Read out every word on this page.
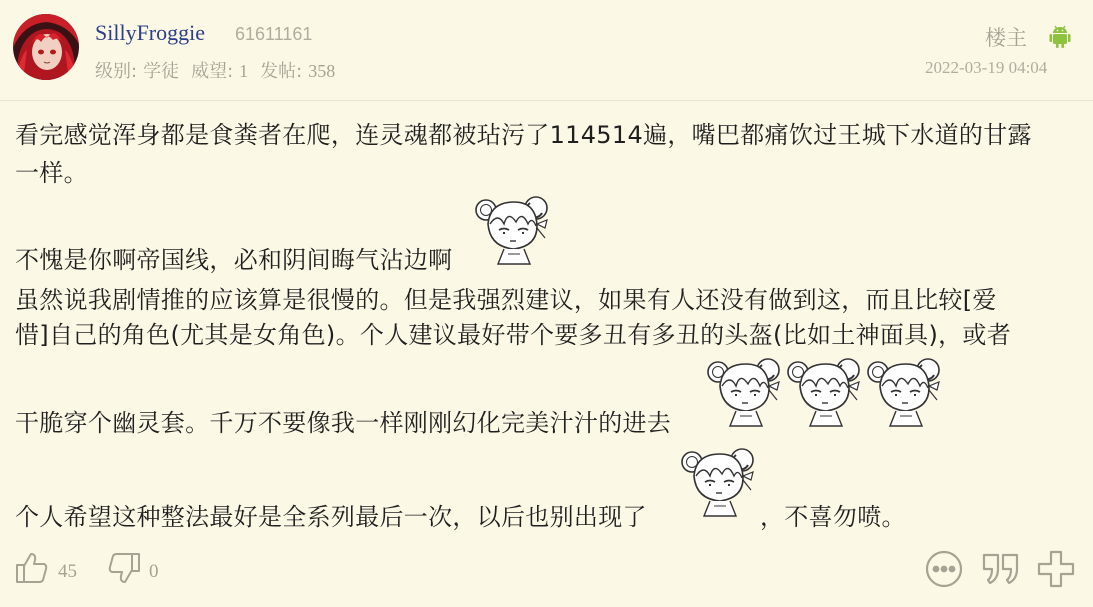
SillyFroggie 61611161
级别: 学徒 威望: 1 发帖: 358
楼主
2022-03-19 04:04
看完感觉浑身都是食粪者在爬，连灵魂都被玷污了114514遍，嘴巴都痛饮过王城下水道的甘露
一样。
不愧是你啊帝国线，必和阴间晦气沾边啊
虽然说我剧情推的应该算是很慢的。但是我强烈建议，如果有人还没有做到这，而且比较[爱
惜]自己的角色(尤其是女角色)。个人建议最好带个要多丑有多丑的头盔(比如土神面具)，或者
干脆穿个幽灵套。千万不要像我一样刚刚幻化完美汁汁的进去
个人希望这种整法最好是全系列最后一次，以后也别出现了	，不喜勿喷。
45	0
